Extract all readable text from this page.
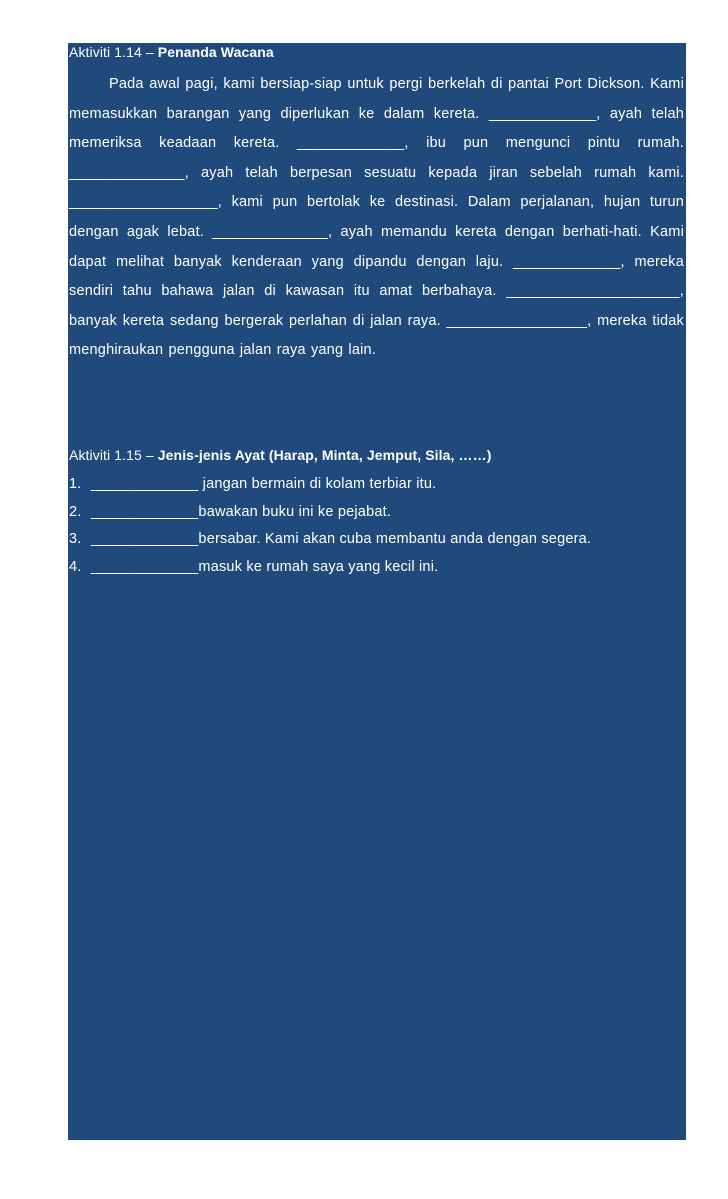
Aktiviti 1.14 – Penanda Wacana

Pada awal pagi, kami bersiap-siap untuk pergi berkelah di pantai Port Dickson. Kami memasukkan barangan yang diperlukan ke dalam kereta. _____________, ayah telah memeriksa keadaan kereta. _____________, ibu pun mengunci pintu rumah. ______________, ayah telah berpesan sesuatu kepada jiran sebelah rumah kami. __________________, kami pun bertolak ke destinasi. Dalam perjalanan, hujan turun dengan agak lebat. ______________, ayah memandu kereta dengan berhati-hati. Kami dapat melihat banyak kenderaan yang dipandu dengan laju. _____________, mereka sendiri tahu bahawa jalan di kawasan itu amat berbahaya. _____________________, banyak kereta sedang bergerak perlahan di jalan raya. _________________, mereka tidak menghiraukan pengguna jalan raya yang lain.

Aktiviti 1.15 – Jenis-jenis Ayat (Harap, Minta, Jemput, Sila, ……)
1. _____________ jangan bermain di kolam terbiar itu.
2. _____________bawakan buku ini ke pejabat.
3. _____________bersabar. Kami akan cuba membantu anda dengan segera.
4. _____________masuk ke rumah saya yang kecil ini.
